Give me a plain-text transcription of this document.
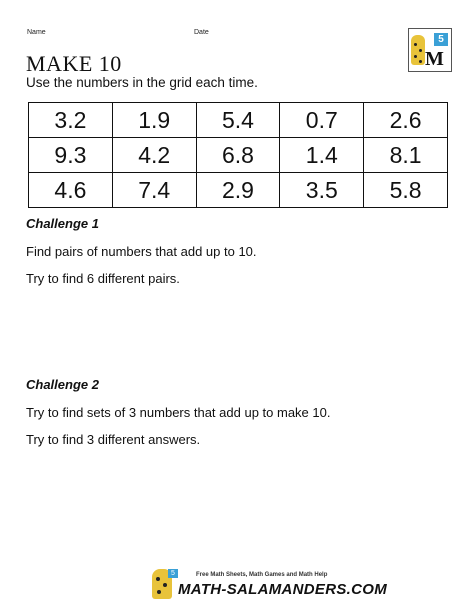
Name	Date
5
M
MAKE 10
Use the numbers in the grid each time.
3.2	1.9	5.4	0.7	2.6
9.3	4.2	6.8	1.4	8.1
4.6	7.4	2.9	3.5	5.8
Challenge 1
Find pairs of numbers that add up to 10.
Try to find 6 different pairs.
Challenge 2
Try to find sets of 3 numbers that add up to make 10.
Try to find 3 different answers.
5	Free Math Sheets, Math Games and Math Help
MATH-SALAMANDERS.COM
